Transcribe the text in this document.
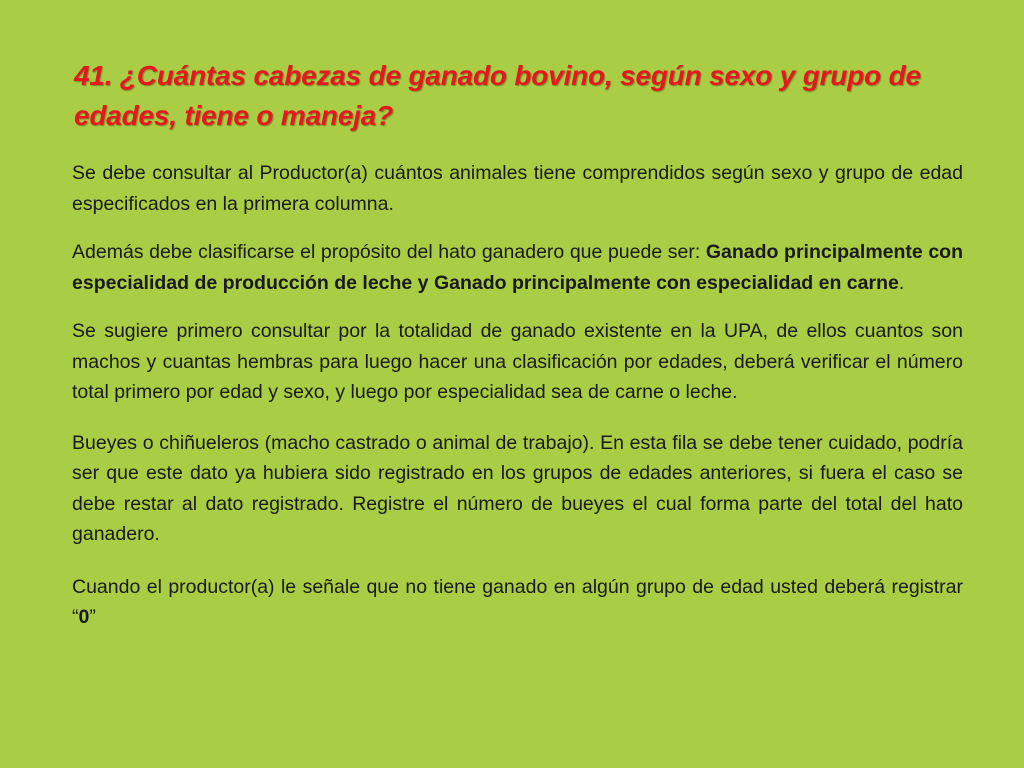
41. ¿Cuántas cabezas de ganado bovino, según sexo y grupo de edades, tiene o maneja?

Se debe consultar al Productor(a) cuántos animales tiene comprendidos según sexo y grupo de edad especificados en la primera columna.

Además debe clasificarse el propósito del hato ganadero que puede ser: Ganado principalmente con especialidad de producción de leche y Ganado principalmente con especialidad en carne.

Se sugiere primero consultar por la totalidad de ganado existente en la UPA, de ellos cuantos son machos y cuantas hembras para luego hacer una clasificación por edades, deberá verificar el número total primero por edad y sexo, y luego por especialidad sea de carne o leche.

Bueyes o chiñueleros (macho castrado o animal de trabajo). En esta fila se debe tener cuidado, podría ser que este dato ya hubiera sido registrado en los grupos de edades anteriores, si fuera el caso se debe restar al dato registrado. Registre el número de bueyes el cual forma parte del total del hato ganadero.

Cuando el productor(a) le señale que no tiene ganado en algún grupo de edad usted deberá registrar “0”
